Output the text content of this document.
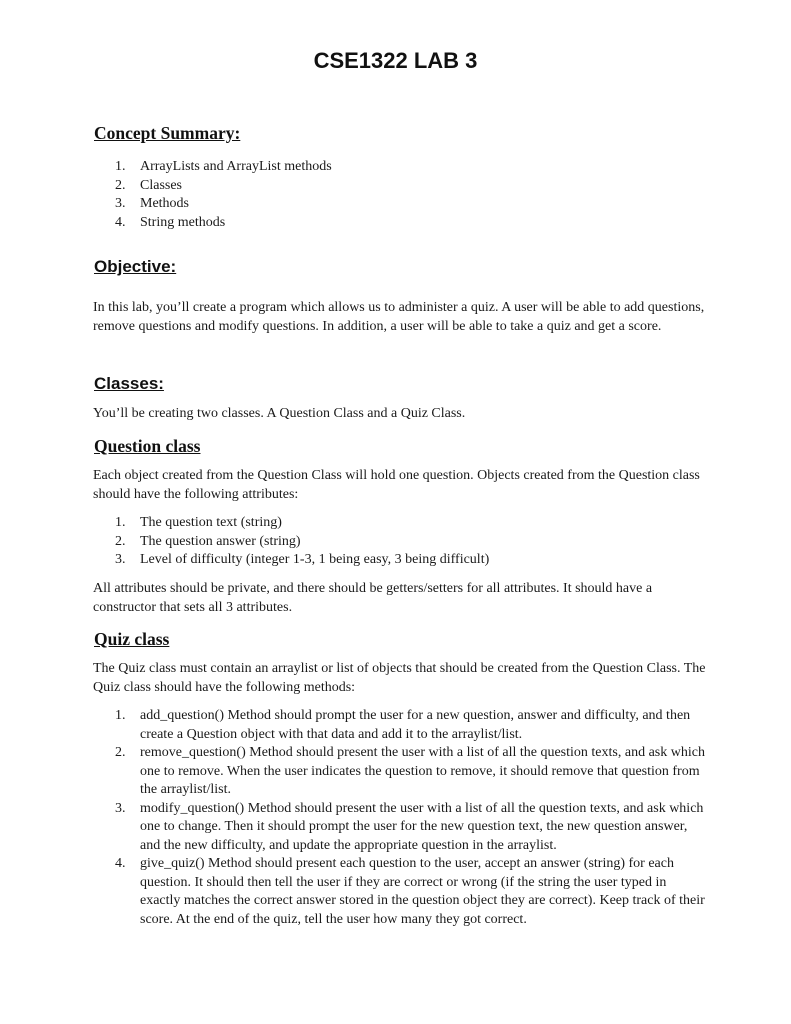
CSE1322 LAB 3
Concept Summary:
1. ArrayLists and ArrayList methods
2. Classes
3. Methods
4. String methods
Objective:

In this lab, you’ll create a program which allows us to administer a quiz. A user will be able to add questions, remove questions and modify questions. In addition, a user will be able to take a quiz and get a score.

Classes:

You’ll be creating two classes. A Question Class and a Quiz Class.

Question class

Each object created from the Question Class will hold one question. Objects created from the Question class should have the following attributes:

1. The question text (string)
2. The question answer (string)
3. Level of difficulty (integer 1-3, 1 being easy, 3 being difficult)

All attributes should be private, and there should be getters/setters for all attributes. It should have a constructor that sets all 3 attributes.

Quiz class

The Quiz class must contain an arraylist or list of objects that should be created from the Question Class. The Quiz class should have the following methods:

1. add_question() Method should prompt the user for a new question, answer and difficulty, and then create a Question object with that data and add it to the arraylist/list.
2. remove_question() Method should present the user with a list of all the question texts, and ask which one to remove. When the user indicates the question to remove, it should remove that question from the arraylist/list.
3. modify_question() Method should present the user with a list of all the question texts, and ask which one to change. Then it should prompt the user for the new question text, the new question answer, and the new difficulty, and update the appropriate question in the arraylist.
4. give_quiz() Method should present each question to the user, accept an answer (string) for each question. It should then tell the user if they are correct or wrong (if the string the user typed in exactly matches the correct answer stored in the question object they are correct). Keep track of their score. At the end of the quiz, tell the user how many they got correct.
